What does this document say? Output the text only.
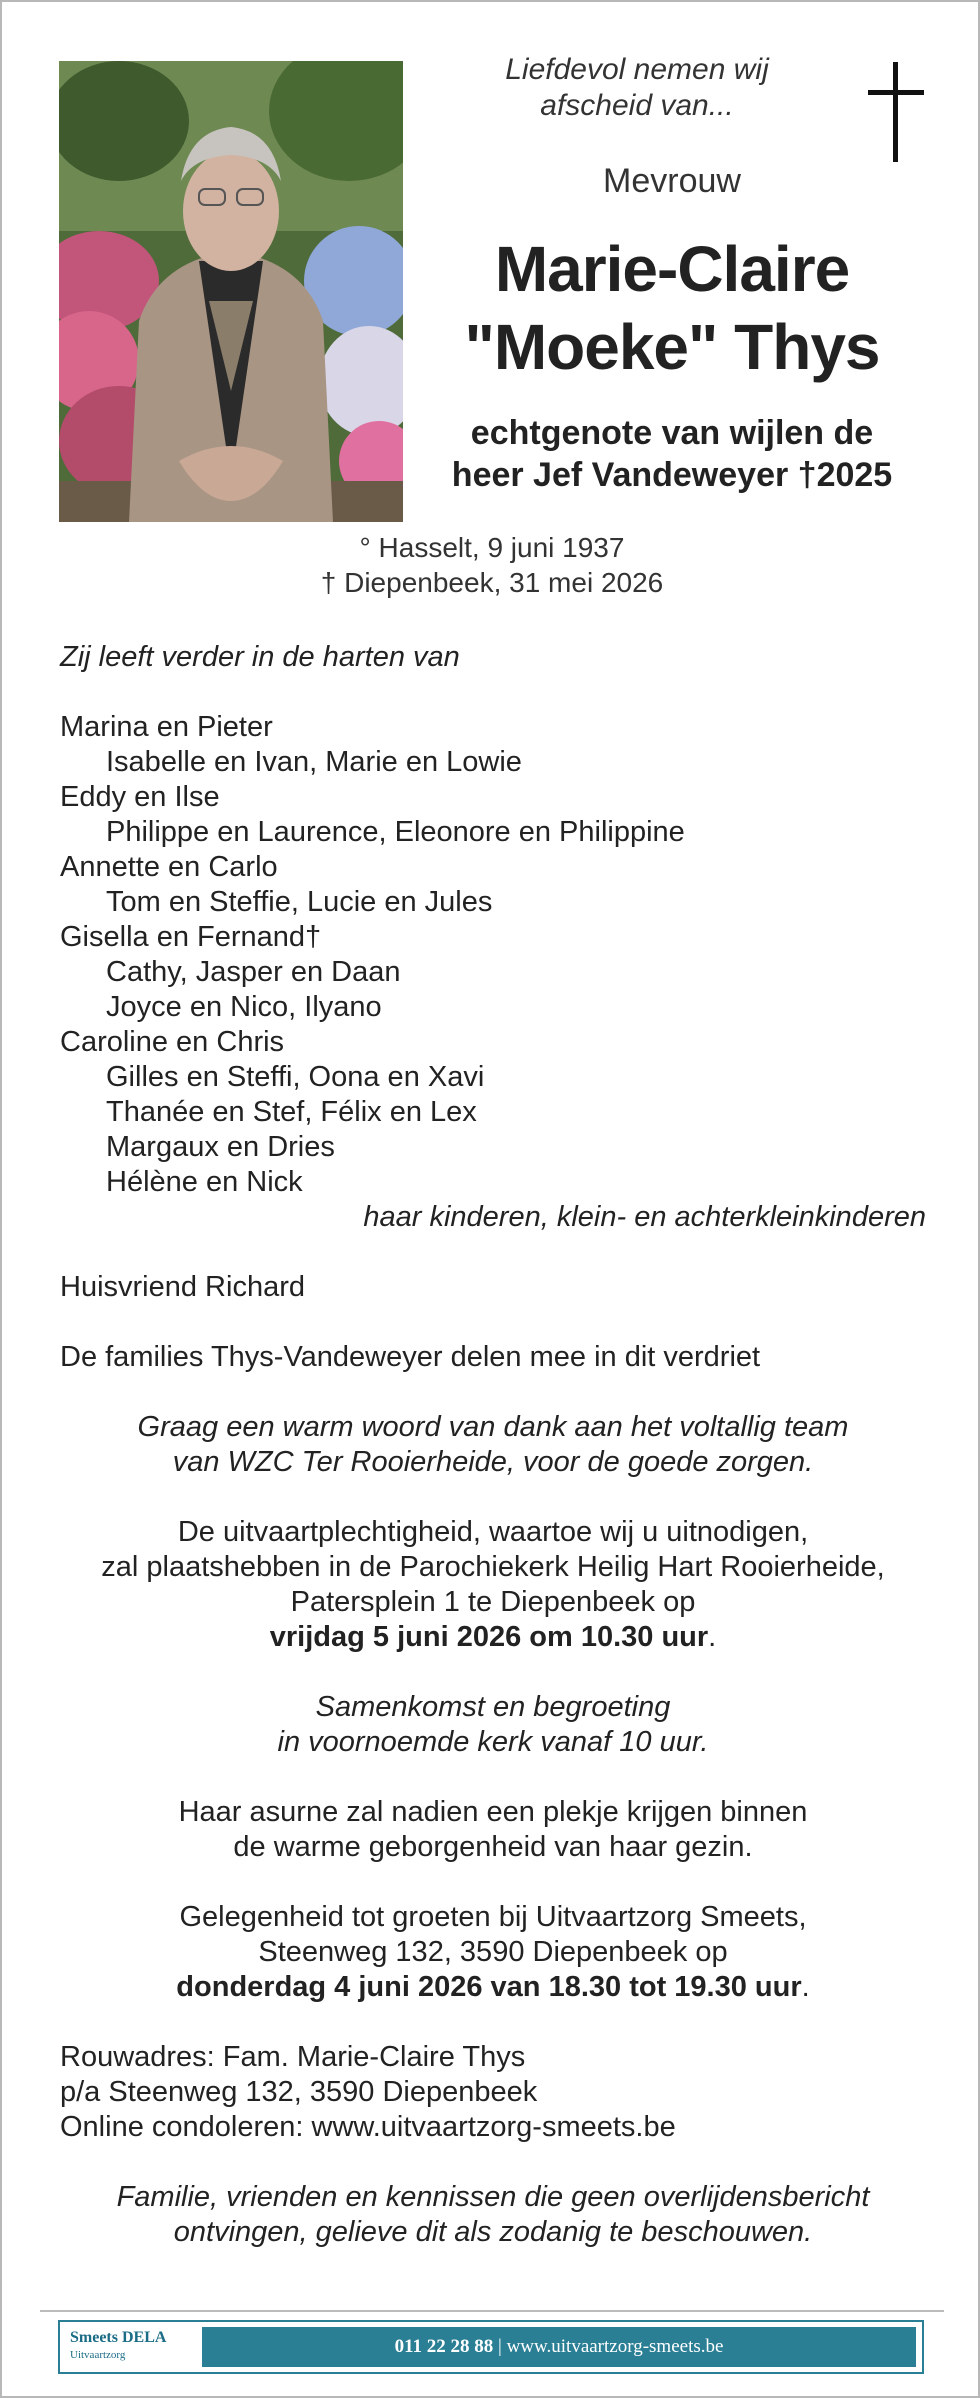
Liefdevol nemen wij
afscheid van...
Mevrouw
Marie-Claire
"Moeke" Thys
echtgenote van wijlen de
heer Jef Vandeweyer †2025
° Hasselt, 9 juni 1937
† Diepenbeek, 31 mei 2026

Zij leeft verder in de harten van

Marina en Pieter

Isabelle en Ivan, Marie en Lowie

Eddy en Ilse

Philippe en Laurence, Eleonore en Philippine

Annette en Carlo

Tom en Steffie, Lucie en Jules

Gisella en Fernand†

Cathy, Jasper en Daan

Joyce en Nico, Ilyano

Caroline en Chris

Gilles en Steffi, Oona en Xavi

Thanée en Stef, Félix en Lex

Margaux en Dries

Hélène en Nick

haar kinderen, klein- en achterkleinkinderen

Huisvriend Richard

De families Thys-Vandeweyer delen mee in dit verdriet

Graag een warm woord van dank aan het voltallig team

van WZC Ter Rooierheide, voor de goede zorgen.

De uitvaartplechtigheid, waartoe wij u uitnodigen,

zal plaatshebben in de Parochiekerk Heilig Hart Rooierheide,

Patersplein 1 te Diepenbeek op

vrijdag 5 juni 2026 om 10.30 uur.

Samenkomst en begroeting

in voornoemde kerk vanaf 10 uur.

Haar asurne zal nadien een plekje krijgen binnen

de warme geborgenheid van haar gezin.

Gelegenheid tot groeten bij Uitvaartzorg Smeets,

Steenweg 132, 3590 Diepenbeek op

donderdag 4 juni 2026 van 18.30 tot 19.30 uur.

Rouwadres: Fam. Marie-Claire Thys

p/a Steenweg 132, 3590 Diepenbeek

Online condoleren: www.uitvaartzorg-smeets.be

Familie, vrienden en kennissen die geen overlijdensbericht

ontvingen, gelieve dit als zodanig te beschouwen.

Smeets DELA
Uitvaartzorg	011 22 28 88 | www.uitvaartzorg-smeets.be
